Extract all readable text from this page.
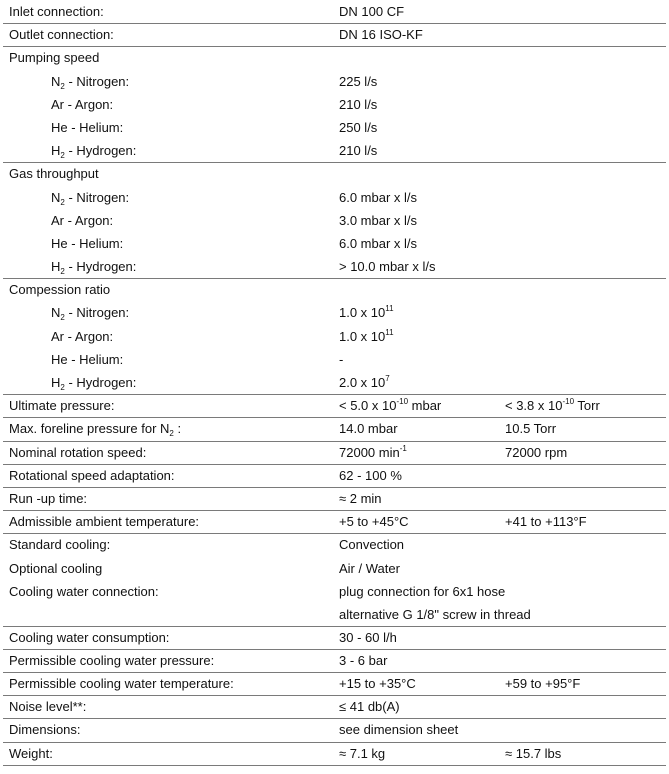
Inlet connection:	DN 100 CF
Outlet connection:	DN 16 ISO-KF
Pumping speed
$N_2$ - Nitrogen:	225 l/s
Ar - Argon:	210 l/s
He - Helium:	250 l/s
$H_2$ - Hydrogen:	210 l/s
Gas throughput
$N_2$ - Nitrogen:	6.0 mbar x l/s
Ar - Argon:	3.0 mbar x l/s
He - Helium:	6.0 mbar x l/s
$H_2$ - Hydrogen:	> 10.0 mbar x l/s
Compession ratio
$N_2$ - Nitrogen:	1.0 x $10^{11}$
Ar - Argon:	1.0 x $10^{11}$
He - Helium:	-
$H_2$ - Hydrogen:	2.0 x $10^7$
Ultimate pressure:	< 5.0 x $10^{-10}$ mbar	< 3.8 x $10^{-10}$ Torr
Max. foreline pressure for $N_2$ :	14.0 mbar	10.5 Torr
Nominal rotation speed:	72000 $\min^{-1}$	72000 rpm
Rotational speed adaptation:	62 - 100 %
Run -up time:	≈ 2 min
Admissible ambient temperature:	+5 to +45°C	+41 to +113°F
Standard cooling:	Convection
Optional cooling	Air / Water
Cooling water connection:	plug connection for 6x1 hose
alternative G 1/8" screw in thread
Cooling water consumption:	30 - 60 l/h
Permissible cooling water pressure:	3 - 6 bar
Permissible cooling water temperature:	+15 to +35°C	+59 to +95°F
Noise level**:	≤ 41 db(A)
Dimensions:	see dimension sheet
Weight:	≈ 7.1 kg	≈ 15.7 lbs
